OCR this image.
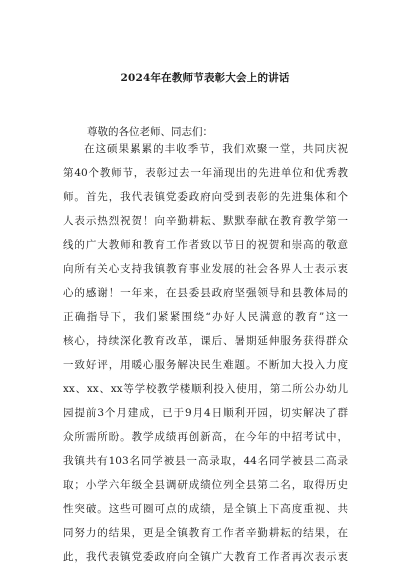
2024年在教师节表彰大会上的讲话
尊敬的各位老师、同志们：
在这硕果累累的丰收季节，我们欢聚一堂，共同庆祝
第40个教师节，表彰过去一年涌现出的先进单位和优秀教
师。首先，我代表镇党委政府向受到表彰的先进集体和个
人表示热烈祝贺！向辛勤耕耘、默默奉献在教育教学第一
线的广大教师和教育工作者致以节日的祝贺和崇高的敬意
向所有关心支持我镇教育事业发展的社会各界人士表示衷
心的感谢！一年来，在县委县政府坚强领导和县教体局的
正确指导下，我们紧紧围绕“办好人民满意的教育”这一
核心，持续深化教育改革，课后、暑期延伸服务获得群众
一致好评，用暖心服务解决民生难题。不断加大投入力度
xx、xx、xx等学校教学楼顺利投入使用，第二所公办幼儿
园提前3个月建成，已于9月4日顺利开园，切实解决了群
众所需所盼。教学成绩再创新高，在今年的中招考试中，
我镇共有103名同学被县一高录取，44名同学被县二高录
取；小学六年级全县调研成绩位列全县第二名，取得历史
性突破。这些可圈可点的成绩，是全镇上下高度重视、共
同努力的结果，更是全镇教育工作者辛勤耕耘的结果，在
此，我代表镇党委政府向全镇广大教育工作者再次表示衷
